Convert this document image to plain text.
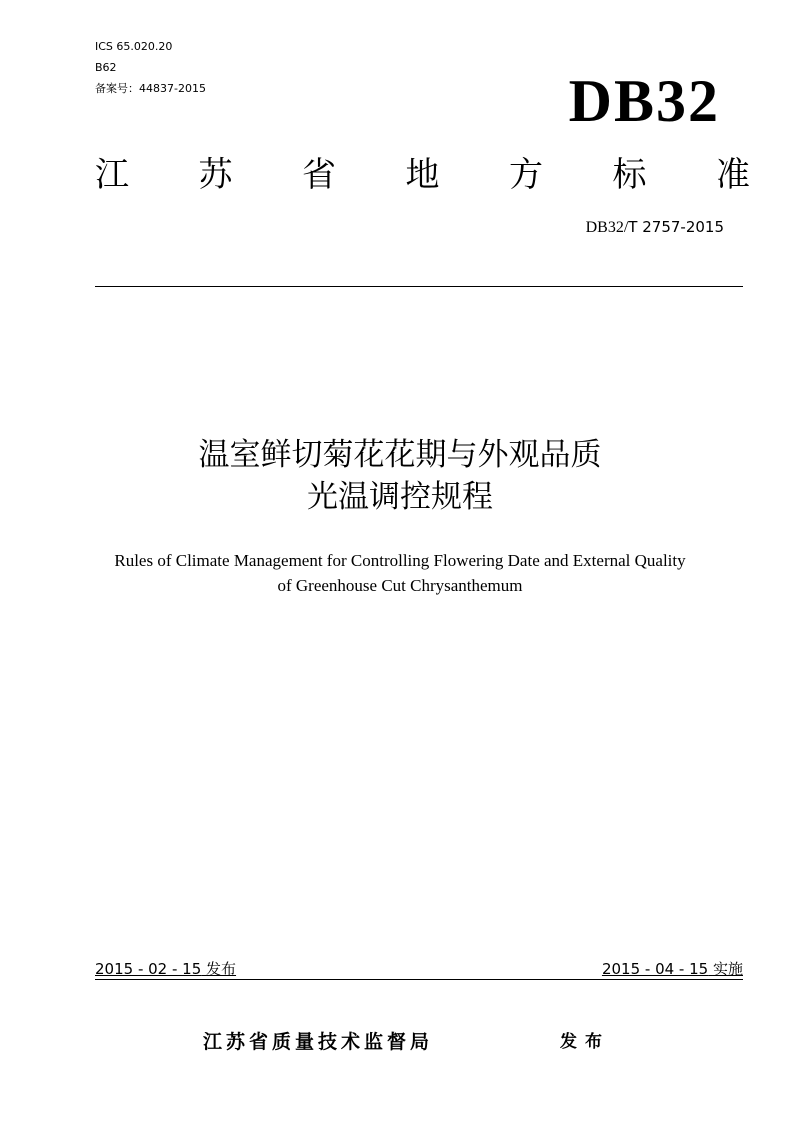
ICS 65.020.20
B62
备案号：44837-2015	DB32
江 苏 省 地 方 标 准
DB32/T 2757-2015
温室鲜切菊花花期与外观品质
光温调控规程
Rules of Climate Management for Controlling Flowering Date and External Quality
of Greenhouse Cut Chrysanthemum
2015 - 02 - 15 发布	2015 - 04 - 15 实施
江苏省质量技术监督局	发布
